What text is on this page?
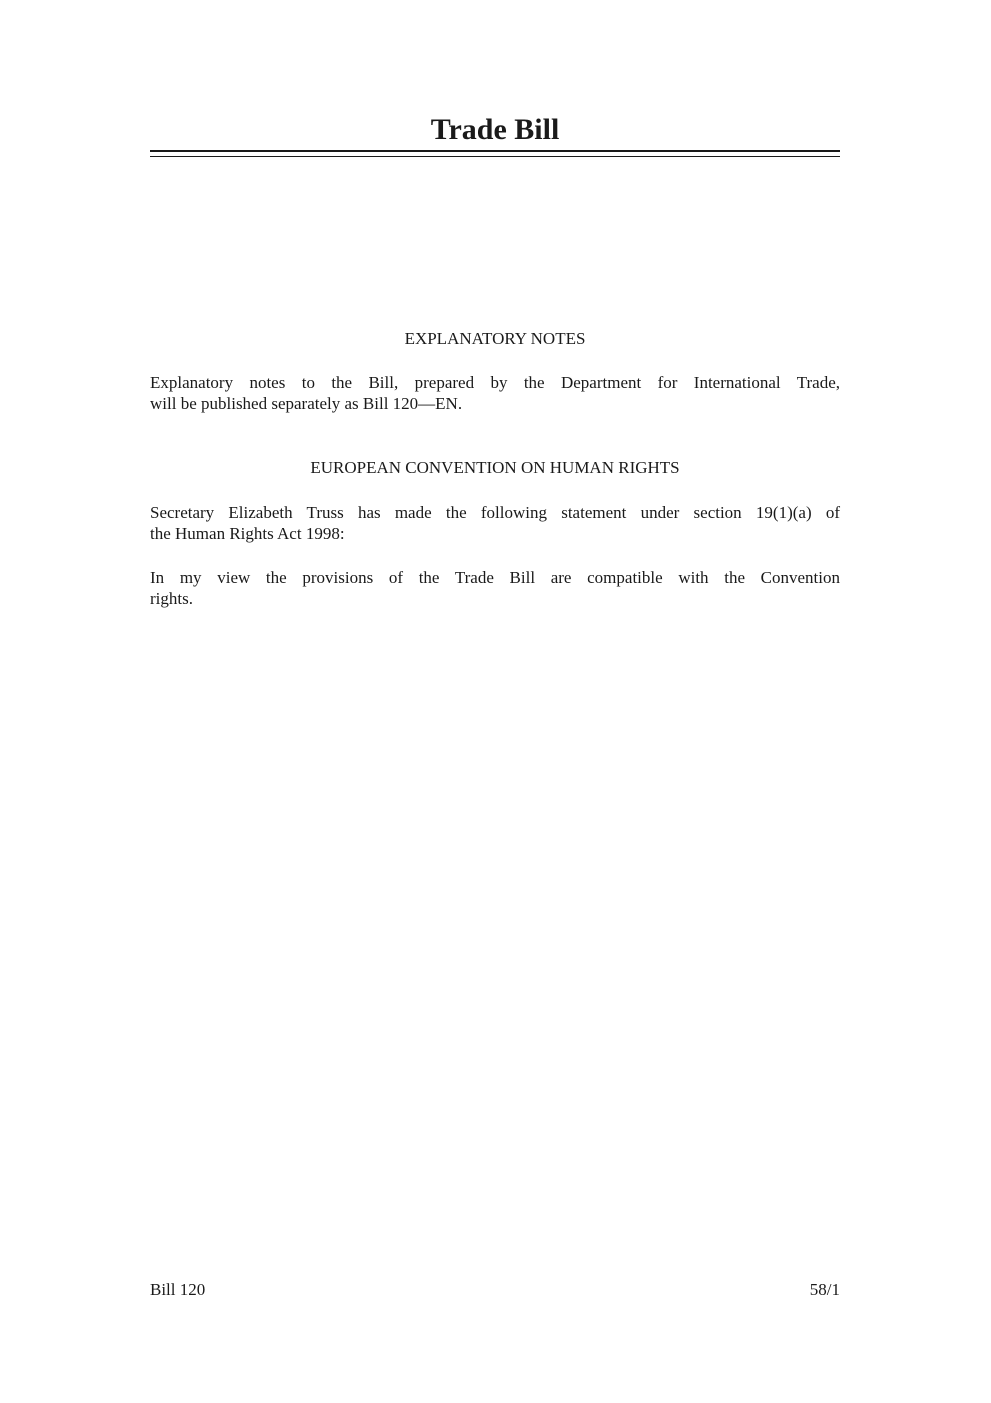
Trade Bill
EXPLANATORY NOTES
Explanatory notes to the Bill, prepared by the Department for International Trade,
will be published separately as Bill 120—EN.
EUROPEAN CONVENTION ON HUMAN RIGHTS
Secretary Elizabeth Truss has made the following statement under section 19(1)(a) of
the Human Rights Act 1998:
In my view the provisions of the Trade Bill are compatible with the Convention
rights.
Bill 120	58/1
